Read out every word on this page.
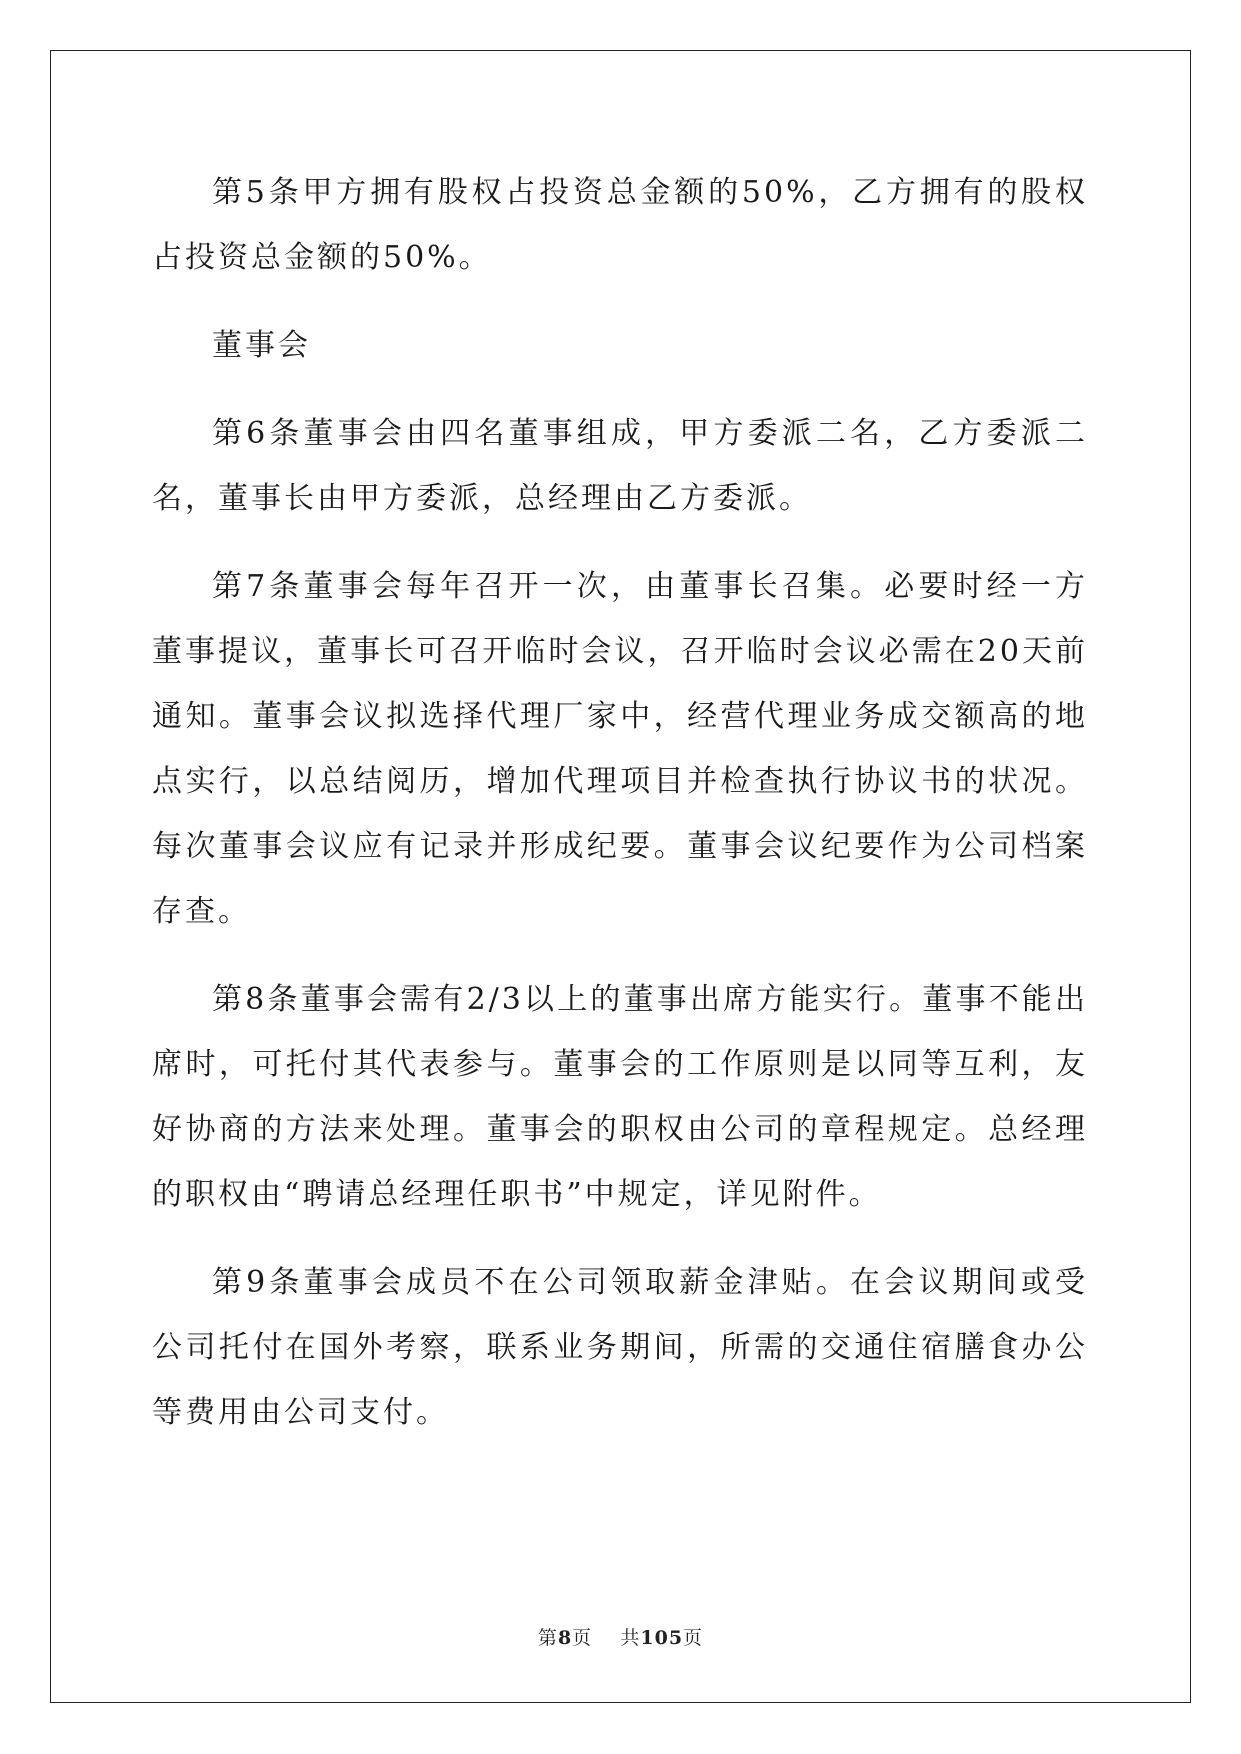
第5条甲方拥有股权占投资总金额的50%，乙方拥有的股权占投资总金额的50%。

董事会

第6条董事会由四名董事组成，甲方委派二名，乙方委派二名，董事长由甲方委派，总经理由乙方委派。

第7条董事会每年召开一次，由董事长召集。必要时经一方董事提议，董事长可召开临时会议，召开临时会议必需在20天前通知。董事会议拟选择代理厂家中，经营代理业务成交额高的地点实行，以总结阅历，增加代理项目并检查执行协议书的状况。每次董事会议应有记录并形成纪要。董事会议纪要作为公司档案存查。

第8条董事会需有2/3以上的董事出席方能实行。董事不能出席时，可托付其代表参与。董事会的工作原则是以同等互利，友好协商的方法来处理。董事会的职权由公司的章程规定。总经理的职权由“聘请总经理任职书”中规定，详见附件。

第9条董事会成员不在公司领取薪金津贴。在会议期间或受公司托付在国外考察，联系业务期间，所需的交通住宿膳食办公等费用由公司支付。

第8页 共105页
